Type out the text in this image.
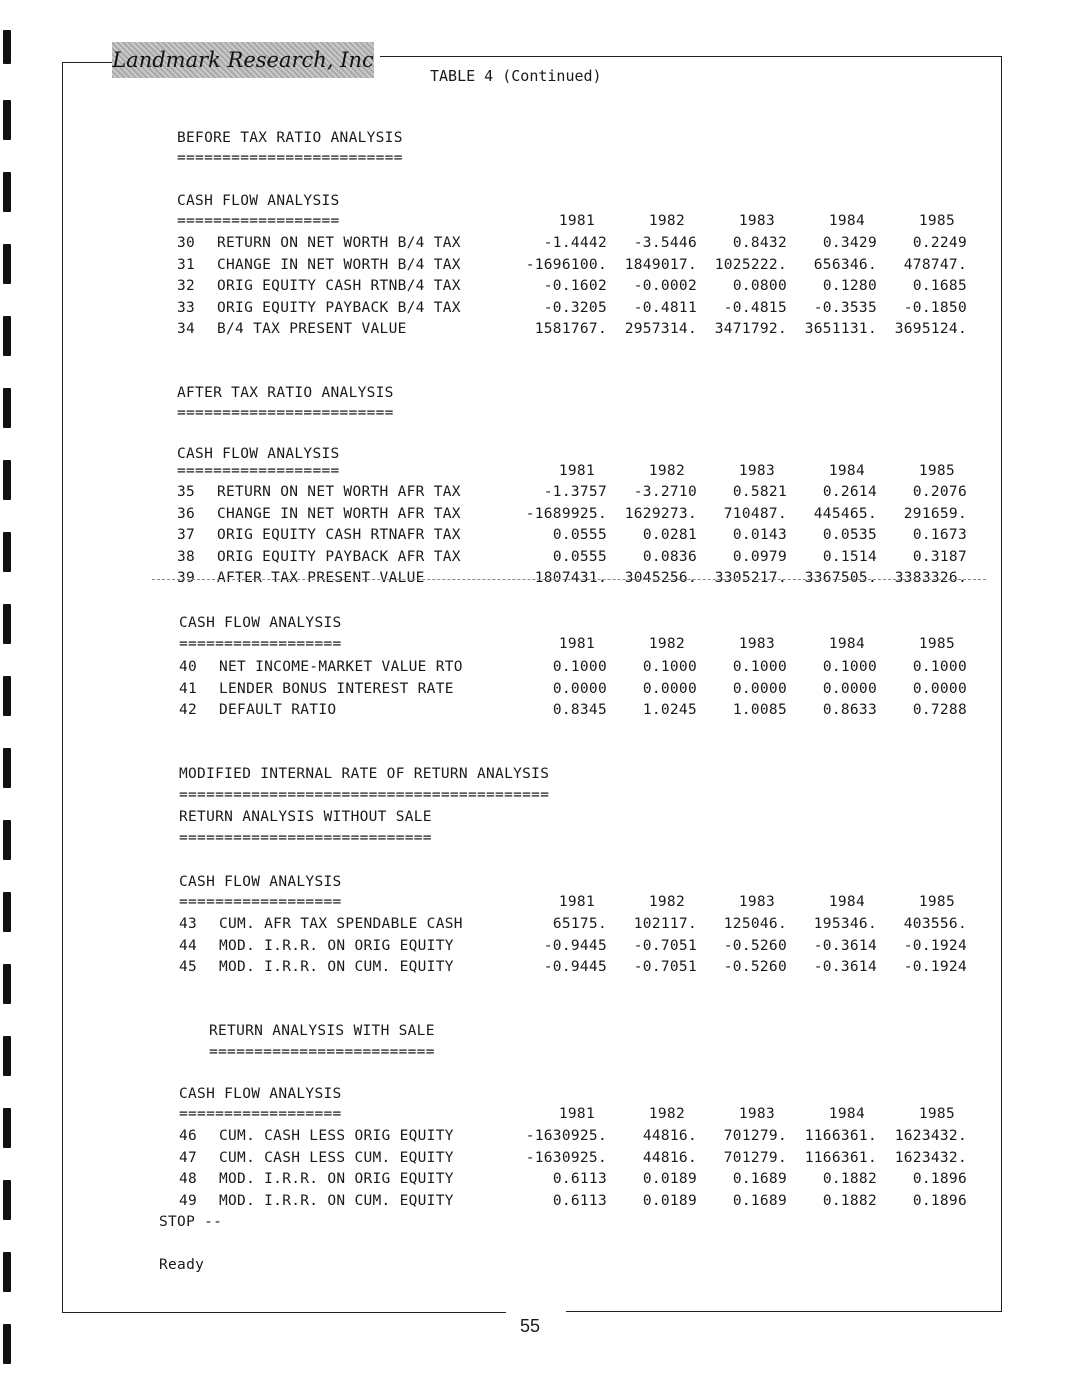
Landmark Research, Inc
TABLE 4 (Continued)
BEFORE TAX RATIO ANALYSIS
=========================
CASH FLOW ANALYSIS
==================	1981	1982	1983	1984	1985
30	RETURN ON NET WORTH B/4 TAX	-1.4442	-3.5446	0.8432	0.3429	0.2249
31	CHANGE IN NET WORTH B/4 TAX	-1696100.	1849017.	1025222.	656346.	478747.
32	ORIG EQUITY CASH RTNB/4 TAX	-0.1602	-0.0002	0.0800	0.1280	0.1685
33	ORIG EQUITY PAYBACK B/4 TAX	-0.3205	-0.4811	-0.4815	-0.3535	-0.1850
34	B/4 TAX PRESENT VALUE	1581767.	2957314.	3471792.	3651131.	3695124.
AFTER TAX RATIO ANALYSIS
========================
CASH FLOW ANALYSIS
==================	1981	1982	1983	1984	1985
35	RETURN ON NET WORTH AFR TAX	-1.3757	-3.2710	0.5821	0.2614	0.2076
36	CHANGE IN NET WORTH AFR TAX	-1689925.	1629273.	710487.	445465.	291659.
37	ORIG EQUITY CASH RTNAFR TAX	0.0555	0.0281	0.0143	0.0535	0.1673
38	ORIG EQUITY PAYBACK AFR TAX	0.0555	0.0836	0.0979	0.1514	0.3187
39	AFTER TAX PRESENT VALUE	1807431.	3045256.	3305217.	3367505.	3383326.
CASH FLOW ANALYSIS
==================	1981	1982	1983	1984	1985
40	NET INCOME-MARKET VALUE RTO	0.1000	0.1000	0.1000	0.1000	0.1000
41	LENDER BONUS INTEREST RATE	0.0000	0.0000	0.0000	0.0000	0.0000
42	DEFAULT RATIO	0.8345	1.0245	1.0085	0.8633	0.7288
MODIFIED INTERNAL RATE OF RETURN ANALYSIS
=========================================
RETURN ANALYSIS WITHOUT SALE
============================
CASH FLOW ANALYSIS
==================	1981	1982	1983	1984	1985
43	CUM. AFR TAX SPENDABLE CASH	65175.	102117.	125046.	195346.	403556.
44	MOD. I.R.R. ON ORIG EQUITY	-0.9445	-0.7051	-0.5260	-0.3614	-0.1924
45	MOD. I.R.R. ON CUM. EQUITY	-0.9445	-0.7051	-0.5260	-0.3614	-0.1924
RETURN ANALYSIS WITH SALE
=========================
CASH FLOW ANALYSIS
==================	1981	1982	1983	1984	1985
46	CUM. CASH LESS ORIG EQUITY	-1630925.	44816.	701279.	1166361.	1623432.
47	CUM. CASH LESS CUM. EQUITY	-1630925.	44816.	701279.	1166361.	1623432.
48	MOD. I.R.R. ON ORIG EQUITY	0.6113	0.0189	0.1689	0.1882	0.1896
49	MOD. I.R.R. ON CUM. EQUITY	0.6113	0.0189	0.1689	0.1882	0.1896
STOP --
Ready
55
